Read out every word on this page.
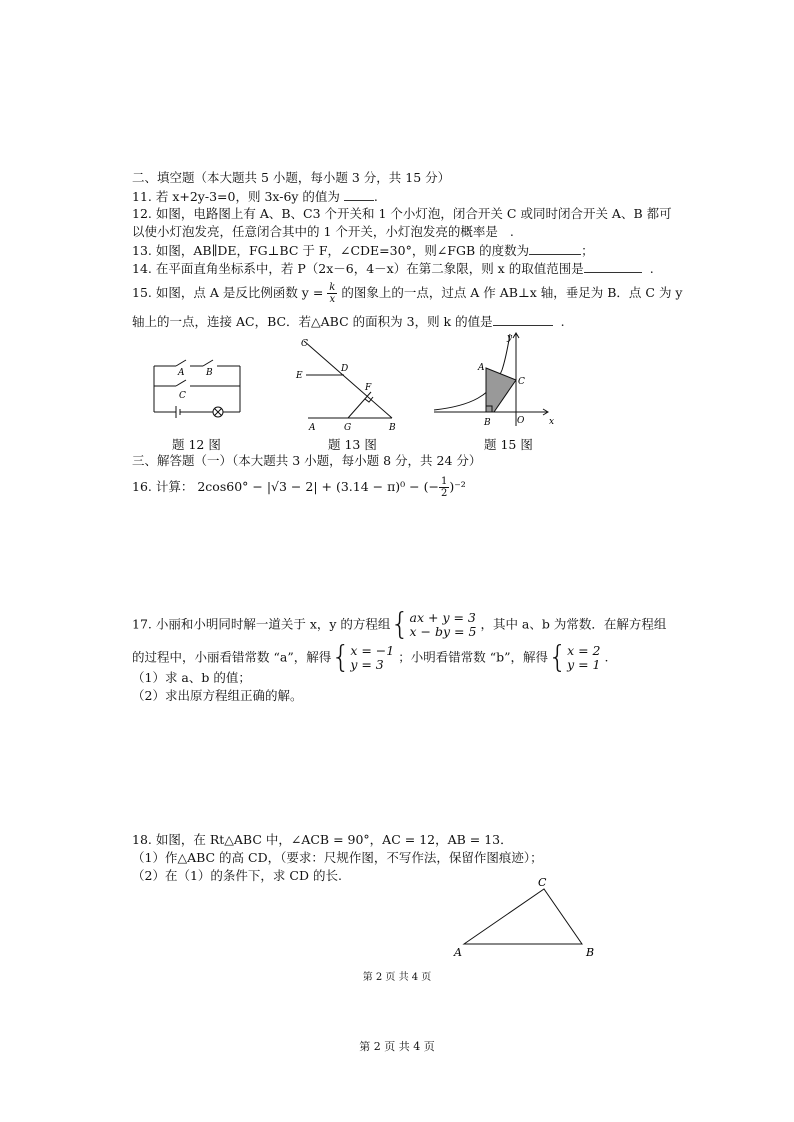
二、填空题（本大题共 5 小题，每小题 3 分，共 15 分）
11. 若 x+2y-3=0，则 3x-6y 的值为	.
12. 如图，电路图上有 A、B、C3 个开关和 1 个小灯泡，闭合开关 C 或同时闭合开关 A、B 都可
以使小灯泡发亮，任意闭合其中的 1 个开关，小灯泡发亮的概率是 .
13. 如图，AB∥DE，FG⊥BC 于 F，∠CDE=30°，则∠FGB 的度数为	；
14. 在平面直角坐标系中，若 P（2x－6，4－x）在第二象限，则 x 的取值范围是	.
15. 如图，点 A 是反比例函数 $y = \frac{k}{x}$ 的图象上的一点，过点 A 作 AB⊥x 轴，垂足为 B．点 C 为 y
轴上的一点，连接 AC，BC．若△ABC 的面积为 3，则 k 的值是	.
A B
C
题 12 图
C
D
E
F
A	G	B
题 13 图
y
A
C
B	O	x
题 15 图
三、解答题（一）（本大题共 3 小题，每小题 8 分，共 24 分）
16. 计算： 2cos60° − |√3 − 2| + (3.14 − π)⁰ − (− $\frac{1}{2} )^{-2}$
17. 小丽和小明同时解一道关于 x，y 的方程组{ ax + y = 3
x − by = 5 ，其中 a、b 为常数．在解方程组
的过程中，小丽看错常数 “a”，解得{ x = −1
y = 3	；小明看错常数 “b”，解得{ x = 2
y = 1 .
（1）求 a、b 的值；
（2）求出原方程组正确的解。
18. 如图，在 Rt△ABC 中，∠ACB = 90°，AC = 12，AB = 13．
（1）作△ABC 的高 CD，（要求：尺规作图，不写作法，保留作图痕迹）；
（2）在（1）的条件下，求 CD 的长.	C
A	B
第 2 页 共 4 页
第 2 页 共 4 页
